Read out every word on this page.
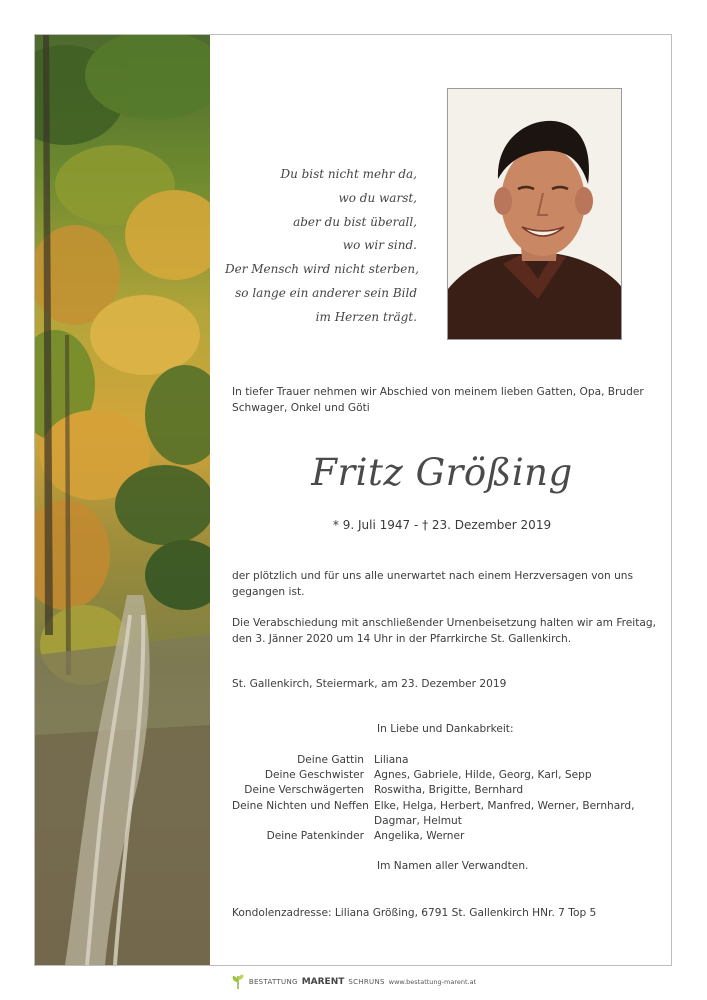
Du bist nicht mehr da,
wo du warst,
aber du bist überall,
wo wir sind.
Der Mensch wird nicht sterben,
so lange ein anderer sein Bild
im Herzen trägt.
In tiefer Trauer nehmen wir Abschied von meinem lieben Gatten, Opa, Bruder Schwager, Onkel und Göti
Fritz Größing
* 9. Juli 1947 - † 23. Dezember 2019
der plötzlich und für uns alle unerwartet nach einem Herzversagen von uns gegangen ist.
Die Verabschiedung mit anschließender Urnenbeisetzung halten wir am Freitag, den 3. Jänner 2020 um 14 Uhr in der Pfarrkirche St. Gallenkirch.
St. Gallenkirch, Steiermark, am 23. Dezember 2019
In Liebe und Dankabrkeit:
Deine Gattin Liliana
Deine Geschwister Agnes, Gabriele, Hilde, Georg, Karl, Sepp
Deine Verschwägerten Roswitha, Brigitte, Bernhard
Deine Nichten und Neffen Elke, Helga, Herbert, Manfred, Werner, Bernhard, Dagmar, Helmut
Deine Patenkinder Angelika, Werner
Im Namen aller Verwandten.
Kondolenzadresse: Liliana Größing, 6791 St. Gallenkirch HNr. 7 Top 5
BESTATTUNG MARENT SCHRUNS www.bestattung-marent.at
